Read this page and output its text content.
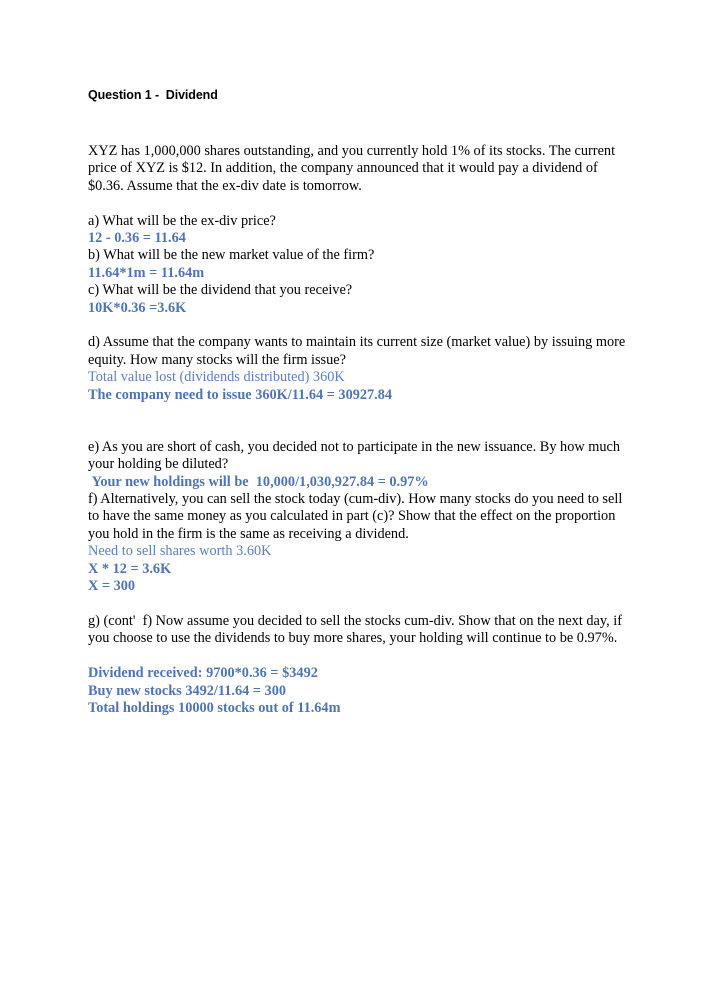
Question 1 -  Dividend

XYZ has 1,000,000 shares outstanding, and you currently hold 1% of its stocks. The current price of XYZ is $12. In addition, the company announced that it would pay a dividend of $0.36. Assume that the ex-div date is tomorrow.

a) What will be the ex-div price?

12 - 0.36 = 11.64

b) What will be the new market value of the firm?

11.64*1m = 11.64m

c) What will be the dividend that you receive?

10K*0.36 =3.6K

d) Assume that the company wants to maintain its current size (market value) by issuing more equity. How many stocks will the firm issue?

Total value lost (dividends distributed) 360K

The company need to issue 360K/11.64 = 30927.84

e) As you are short of cash, you decided not to participate in the new issuance. By how much your holding be diluted?

Your new holdings will be  10,000/1,030,927.84 = 0.97%

f) Alternatively, you can sell the stock today (cum-div). How many stocks do you need to sell to have the same money as you calculated in part (c)? Show that the effect on the proportion you hold in the firm is the same as receiving a dividend.

Need to sell shares worth 3.60K

X * 12 = 3.6K

X = 300

g) (cont'  f) Now assume you decided to sell the stocks cum-div. Show that on the next day, if you choose to use the dividends to buy more shares, your holding will continue to be 0.97%.

Dividend received: 9700*0.36 = $3492

Buy new stocks 3492/11.64 = 300

Total holdings 10000 stocks out of 11.64m
